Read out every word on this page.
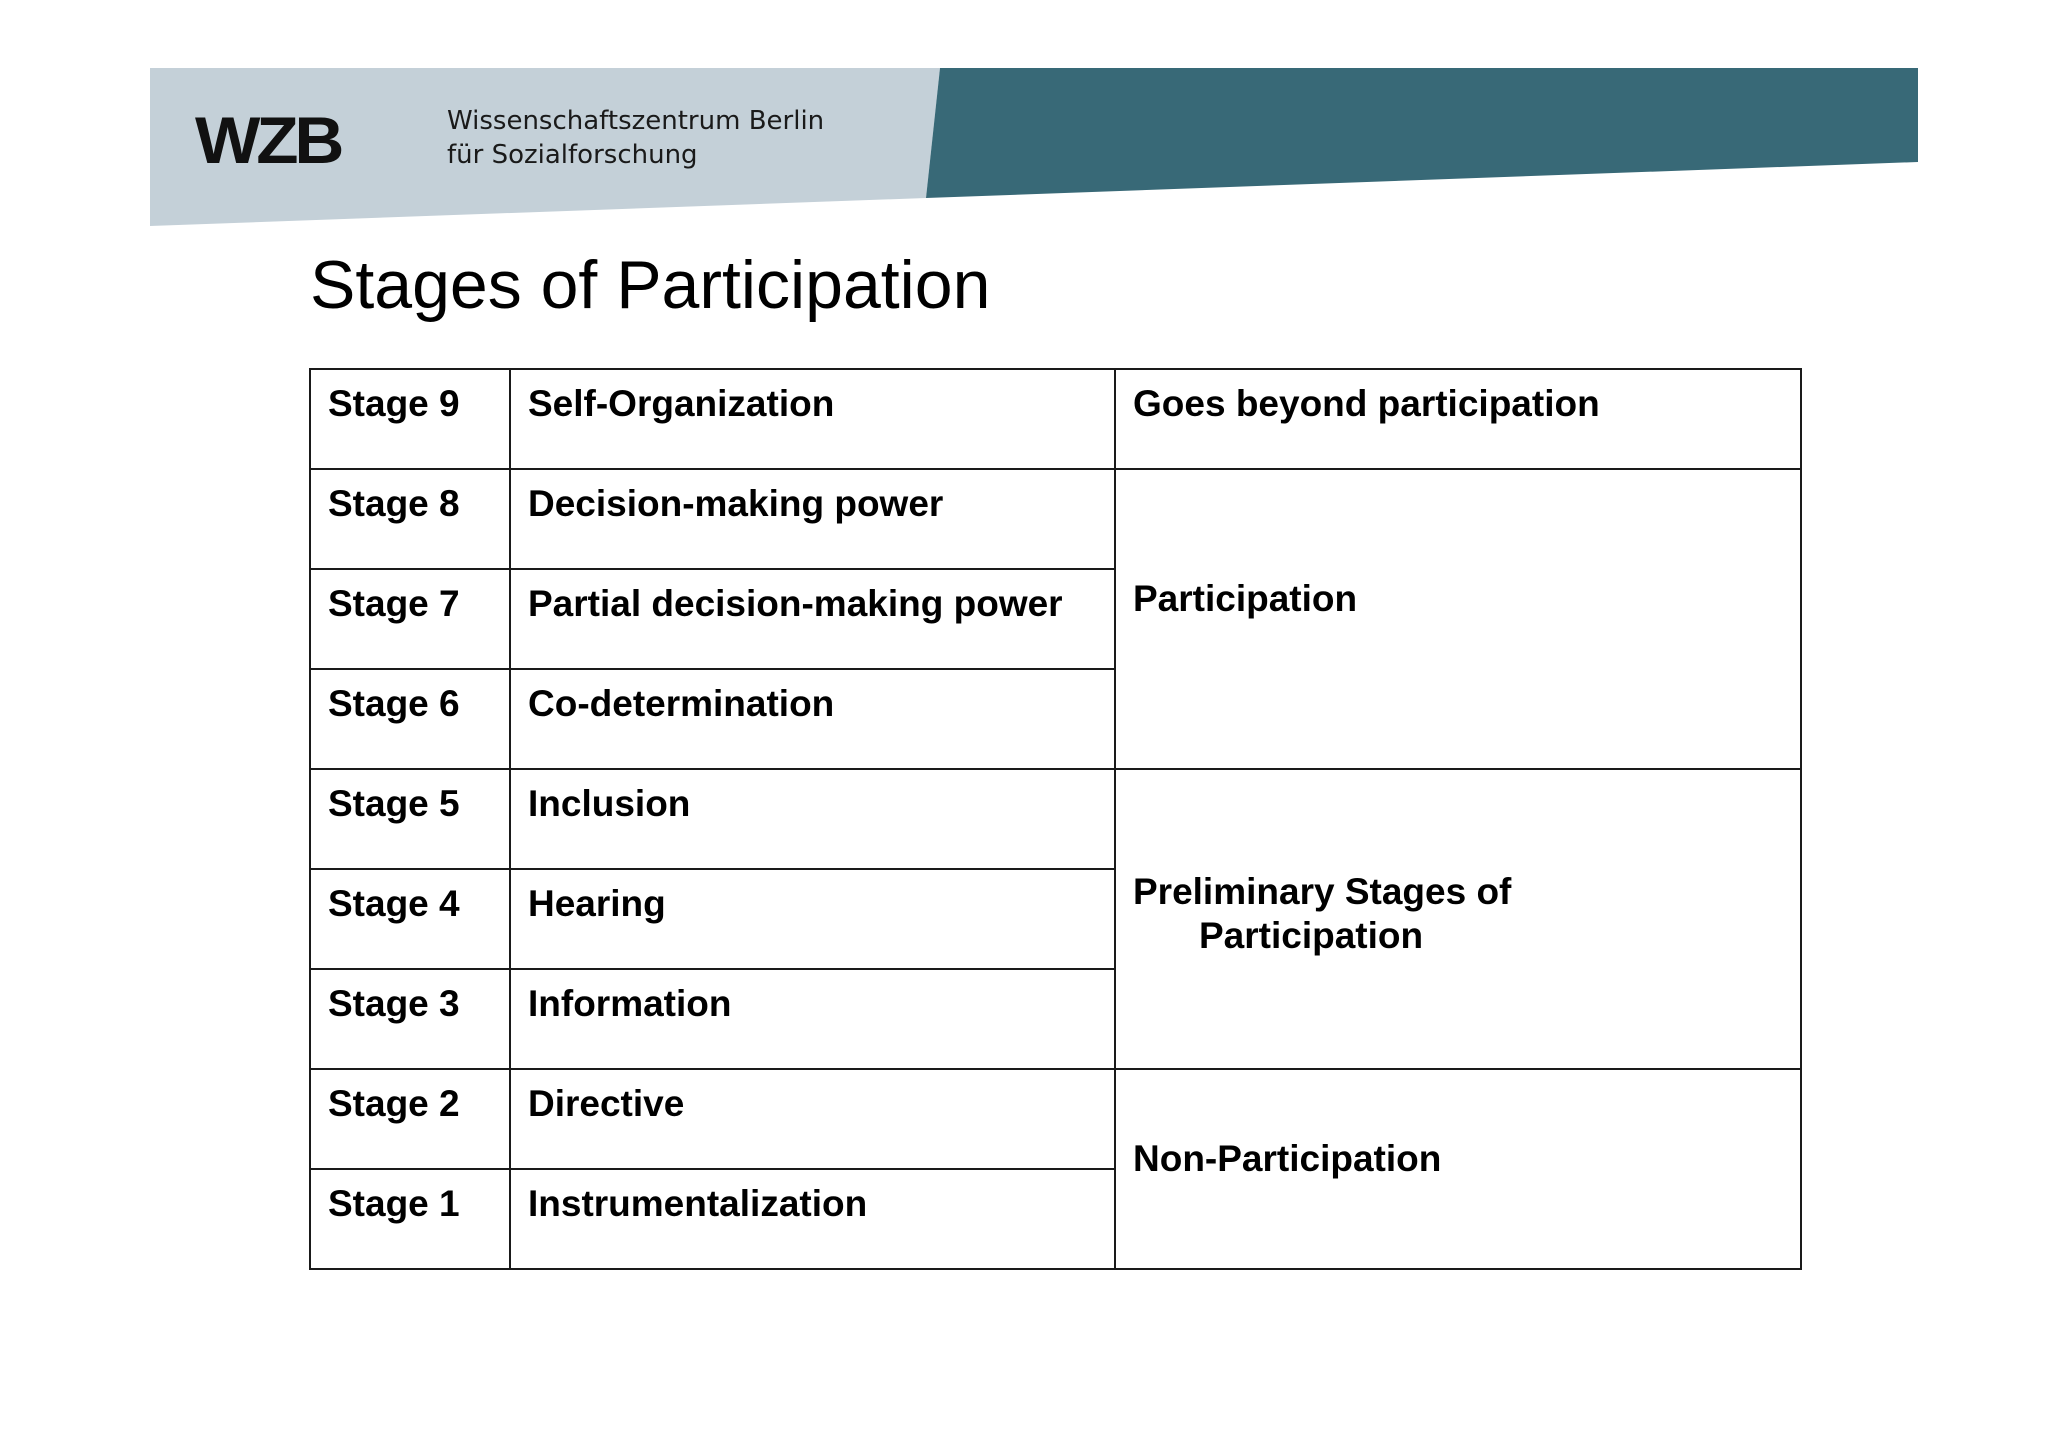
WZB	Wissenschaftszentrum Berlin
für Sozialforschung
Stages of Participation
Stage 9	Self-Organization	Goes beyond participation
Stage 8	Decision-making power	Participation
Stage 7	Partial decision-making power	
Stage 6	Co-determination	
Stage 5	Inclusion	Preliminary Stages of
Participation

Stage 4	Hearing	
Stage 3	Information	
Stage 2	Directive	Non-Participation
Stage 1	Instrumentalization	
